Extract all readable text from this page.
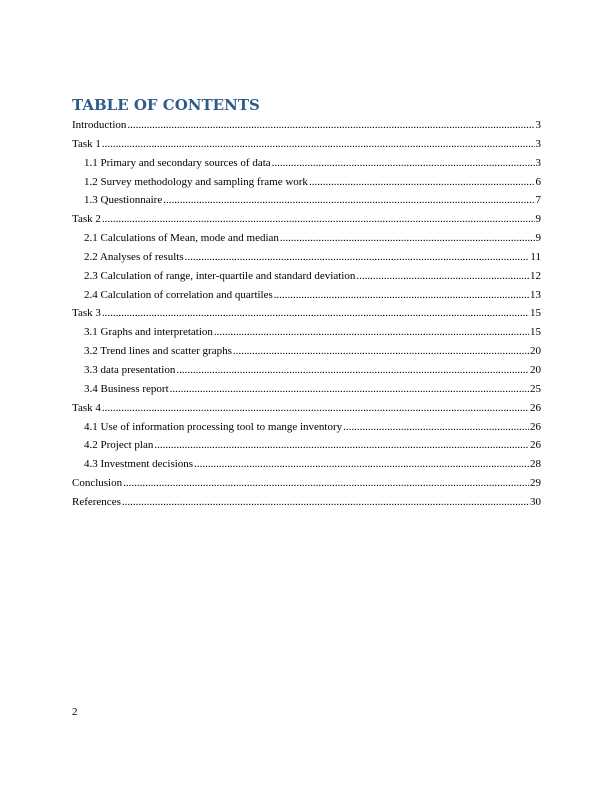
TABLE OF CONTENTS
Introduction .....	3
Task 1 .....	3
1.1 Primary and secondary sources of data .....	3
1.2 Survey methodology and sampling frame work .....	6
1.3 Questionnaire .....	7
Task 2 .....	9
2.1 Calculations of Mean, mode and median .....	9
2.2 Analyses of results .....	11
2.3 Calculation of range, inter-quartile and standard deviation .....	12
2.4 Calculation of correlation and quartiles .....	13
Task 3 .....	15
3.1 Graphs and interpretation .....	15
3.2 Trend lines and scatter graphs .....	20
3.3 data presentation .....	20
3.4 Business report .....	25
Task 4 .....	26
4.1 Use of information processing tool to mange inventory .....	26
4.2 Project plan .....	26
4.3 Investment decisions .....	28
Conclusion .....	29
References .....	30
2
